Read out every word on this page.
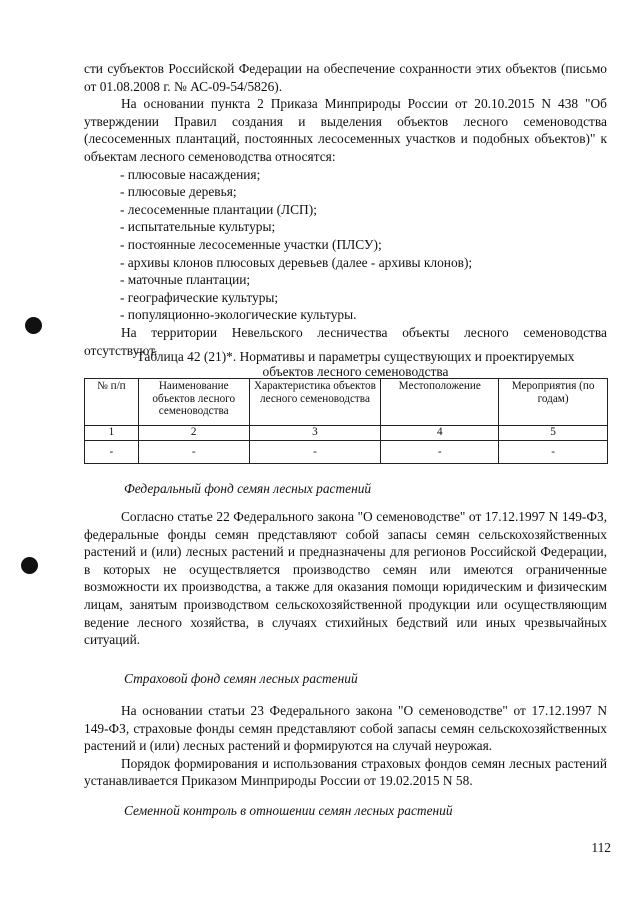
сти субъектов Российской Федерации на обеспечение сохранности этих объектов (письмо от 01.08.2008 г. № АС-09-54/5826).

На основании пункта 2 Приказа Минприроды России от 20.10.2015 N 438 "Об утверждении Правил создания и выделения объектов лесного семеноводства (лесосеменных плантаций, постоянных лесосеменных участков и подобных объектов)" к объектам лесного семеноводства относятся:

- плюсовые насаждения;
- плюсовые деревья;
- лесосеменные плантации (ЛСП);
- испытательные культуры;
- постоянные лесосеменные участки (ПЛСУ);
- архивы клонов плюсовых деревьев (далее - архивы клонов);
- маточные плантации;
- географические культуры;
- популяционно-экологические культуры.

На территории Невельского лесничества объекты лесного семеноводства отсутствуют.

Таблица 42 (21)*. Нормативы и параметры существующих и проектируемых

объектов лесного семеноводства

№ п/п	Наименование объектов лесного семеноводства	Характеристика объектов лесного семеноводства	Местоположение	Мероприятия (по годам)
1	2	3	4	5
-	-	-	-	-

Федеральный фонд семян лесных растений

Согласно статье 22 Федерального закона "О семеноводстве" от 17.12.1997 N 149-ФЗ, федеральные фонды семян представляют собой запасы семян сельскохозяйственных растений и (или) лесных растений и предназначены для регионов Российской Федерации, в которых не осуществляется производство семян или имеются ограниченные возможности их производства, а также для оказания помощи юридическим и физическим лицам, занятым производством сельскохозяйственной продукции или осуществляющим ведение лесного хозяйства, в случаях стихийных бедствий или иных чрезвычайных ситуаций.

Страховой фонд семян лесных растений

На основании статьи 23 Федерального закона "О семеноводстве" от 17.12.1997 N 149-ФЗ, страховые фонды семян представляют собой запасы семян сельскохозяйственных растений и (или) лесных растений и формируются на случай неурожая.

Порядок формирования и использования страховых фондов семян лесных растений устанавливается Приказом Минприроды России от 19.02.2015 N 58.

Семенной контроль в отношении семян лесных растений

112
